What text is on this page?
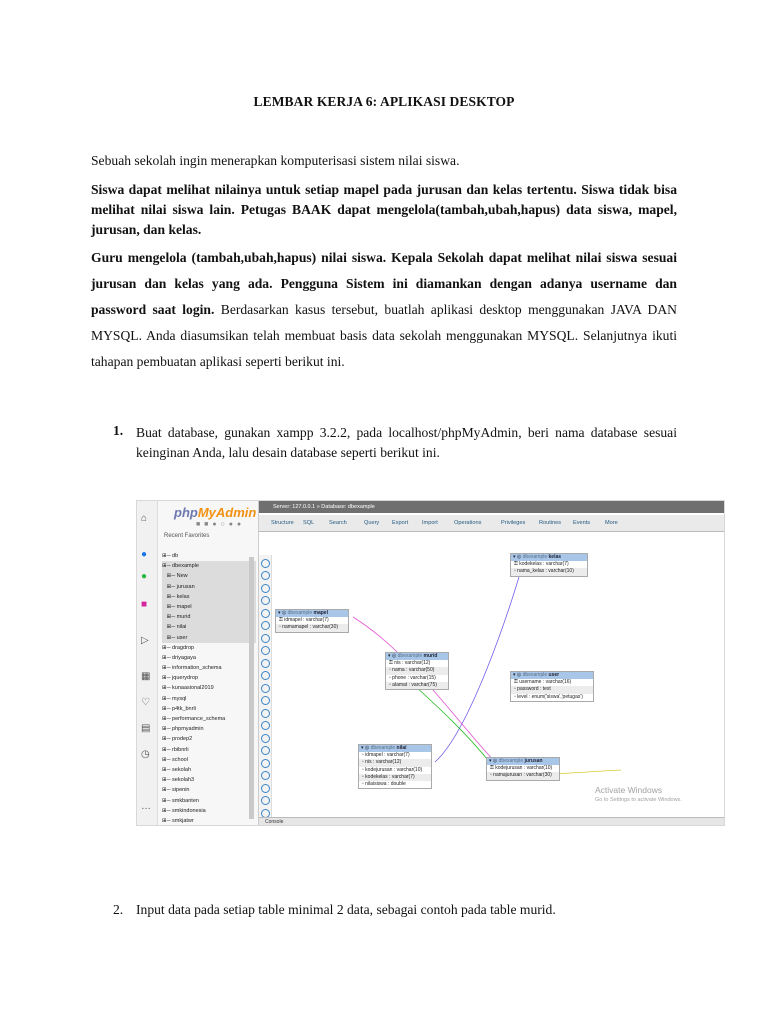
LEMBAR KERJA 6: APLIKASI DESKTOP

Sebuah sekolah ingin menerapkan komputerisasi sistem nilai siswa.

Siswa dapat melihat nilainya untuk setiap mapel pada jurusan dan kelas tertentu. Siswa tidak bisa melihat nilai siswa lain. Petugas BAAK dapat mengelola(tambah,ubah,hapus) data siswa, mapel, jurusan, dan kelas.

Guru mengelola (tambah,ubah,hapus) nilai siswa. Kepala Sekolah dapat melihat nilai siswa sesuai jurusan dan kelas yang ada. Pengguna Sistem ini diamankan dengan adanya username dan password saat login. Berdasarkan kasus tersebut, buatlah aplikasi desktop menggunakan JAVA DAN MYSQL. Anda diasumsikan telah membuat basis data sekolah menggunakan MYSQL. Selanjutnya ikuti tahapan pembuatan aplikasi seperti berikut ini.

1. Buat database, gunakan xampp 3.2.2, pada localhost/phpMyAdmin, beri nama database sesuai keinginan Anda, lalu desain database seperti berikut ini.
⌂
●
●
■
▷
▦
♡
▤
◷
…
phpMyAdmin
■ ■ ● ○ ● ●
Recent Favorites
⊞─ db
⊞─ dbexample
⊞─ New
⊞─ jurusan
⊞─ kelas
⊞─ mapel
⊞─ murid
⊞─ nilai
⊞─ user
⊞─ dragdrop
⊞─ driyagaya
⊞─ information_schema
⊞─ jquerydrop
⊞─ kunaasional2019
⊞─ mysql
⊞─ p4tk_bnrli
⊞─ performance_schema
⊞─ phpmyadmin
⊞─ prodep2
⊞─ rbibnrli
⊞─ school
⊞─ sekolah
⊞─ sekolah3
⊞─ sipenin
⊞─ smkbanten
⊞─ smkindonesia
⊞─ smkjatwr
Server: 127.0.0.1 » Database: dbexample
Structure SQL	Search	Query Export Import	Operations	Privileges Routines Events	More
▾ ◎ dbexample kelas
⚿ kodekelas : varchar(7)
▫ nama_kelas : varchar(10)
▾ ◎ dbexample mapel
⚿ idmapel : varchar(7)
▫ namamapel : varchar(30)
▾ ◎ dbexample murid
⚿ nis : varchar(12)
▫ nama : varchar(50)
▫ phone : varchar(15)
▫ alamat : varchar(75)
▾ ◎ dbexample user
⚿ username : varchar(16)
▫ password : text
▫ level : enum('siswa','petugas')
▾ ◎ dbexample nilai
▫ idmapel : varchar(7)
▫ nis : varchar(12)
▫ kodejurusan : varchar(10)
▫ kodekelas : varchar(7)
▫ nilaisiswa : double
▾ ◎ dbexample jurusan
⚿ kodejurusan : varchar(10)
▫ namajurusan : varchar(30)
Activate Windows
Go to Settings to activate Windows.
Console
2. Input data pada setiap table minimal 2 data, sebagai contoh pada table murid.
